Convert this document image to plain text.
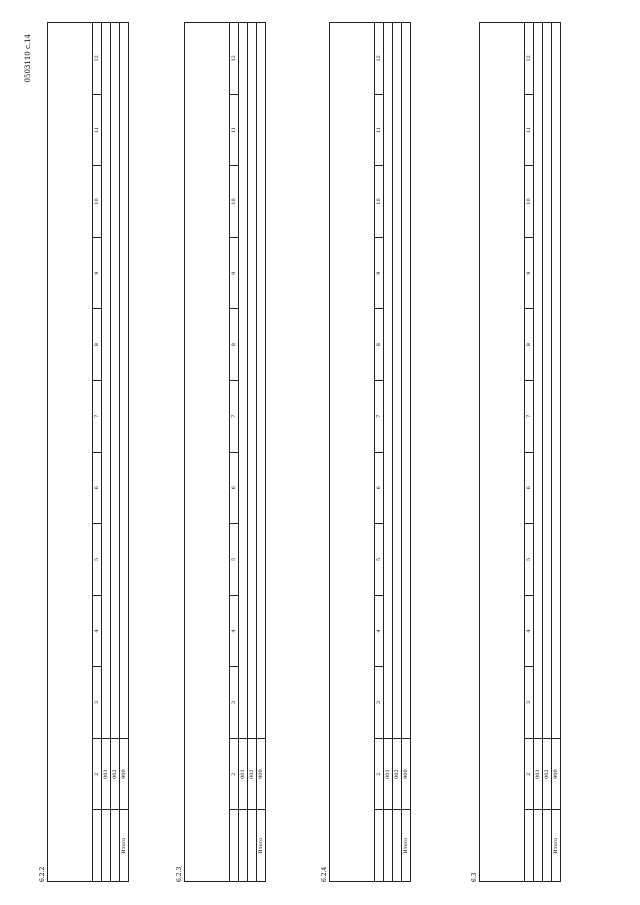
0503110 c.14
6.2.2

	2	3	4	5	6	7	8	9	10	11	12
	001										
	002										
Итого	900										
6.2.3

	2	3	4	5	6	7	8	9	10	11	12
	001										
	002										
Итого	900										
6.2.4

	2	3	4	5	6	7	8	9	10	11	12
	001										
	002										
Итого	900										
6.3

	2	3	4	5	6	7	8	9	10	11	12
	001										
	002										
Итого	900										
